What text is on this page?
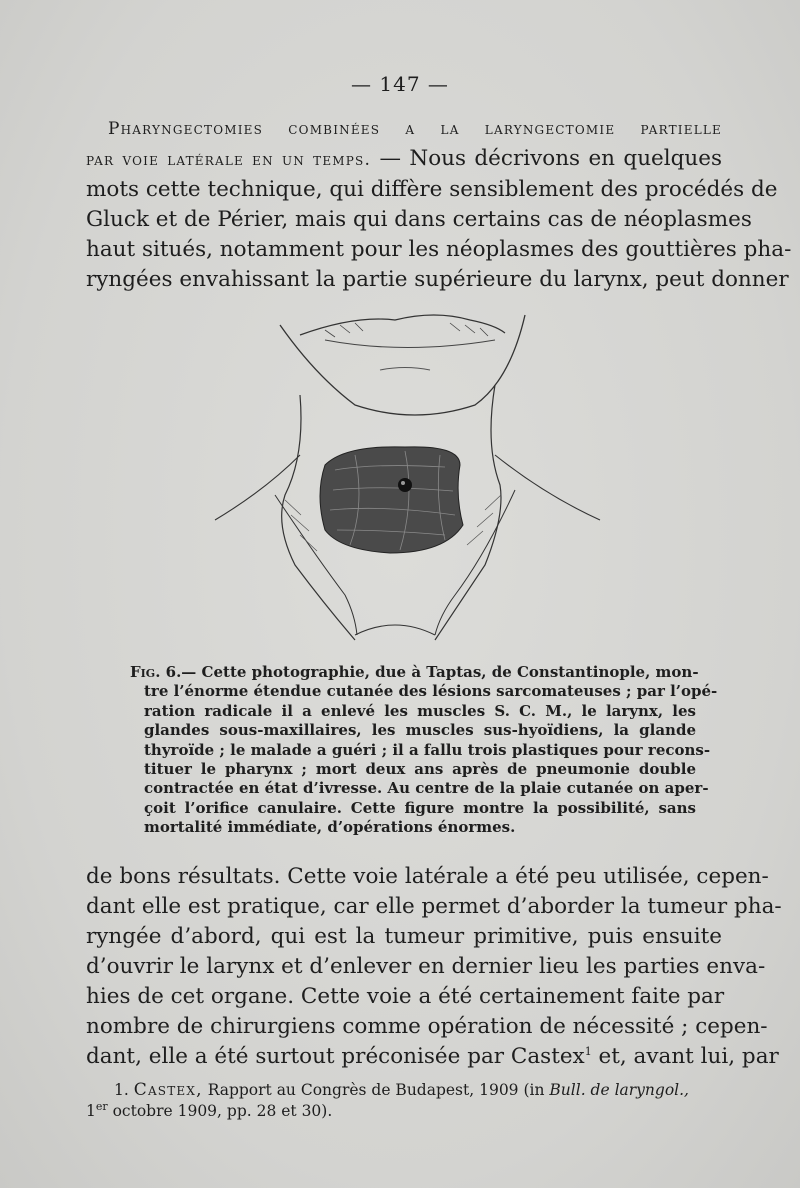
— 147 —
Pharyngectomies combinées a la laryngectomie partielle
par voie latérale en un temps. — Nous décrivons en quelques
mots cette technique, qui diffère sensiblement des procédés de
Gluck et de Périer, mais qui dans certains cas de néoplasmes
haut situés, notamment pour les néoplasmes des gouttières pha-
ryngées envahissant la partie supérieure du larynx, peut donner
Fig. 6.— Cette photographie, due à Taptas, de Constantinople, mon-
tre l’énorme étendue cutanée des lésions sarcomateuses ; par l’opé-
ration radicale il a enlevé les muscles S. C. M., le larynx, les
glandes sous-maxillaires, les muscles sus-hyoïdiens, la glande
thyroïde ; le malade a guéri ; il a fallu trois plastiques pour recons-
tituer le pharynx ; mort deux ans après de pneumonie double
contractée en état d’ivresse. Au centre de la plaie cutanée on aper-
çoit l’orifice canulaire. Cette figure montre la possibilité, sans
mortalité immédiate, d’opérations énormes.
de bons résultats. Cette voie latérale a été peu utilisée, cepen-
dant elle est pratique, car elle permet d’aborder la tumeur pha-
ryngée d’abord, qui est la tumeur primitive, puis ensuite
d’ouvrir le larynx et d’enlever en dernier lieu les parties enva-
hies de cet organe. Cette voie a été certainement faite par
nombre de chirurgiens comme opération de nécessité ; cepen-
dant, elle a été surtout préconisée par Castex$^1$ et, avant lui, par
1. Castex, Rapport au Congrès de Budapest, 1909 (in Bull. de laryngol.,
1er octobre 1909, pp. 28 et 30).
